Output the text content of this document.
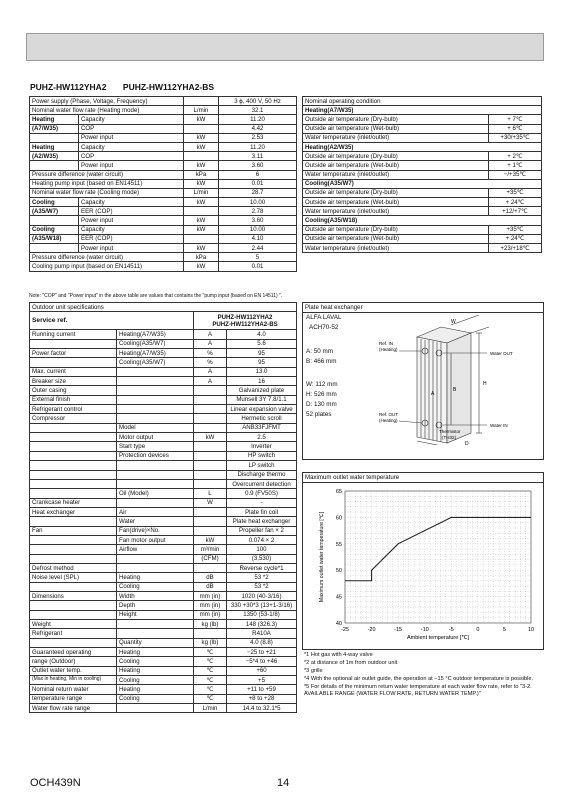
PUHZ-HW112YHA2 PUHZ-HW112YHA2-BS
Power supply (Phase, Voltage, Frequency)			3 ϕ, 400 V, 50 Hz
Nominal water flow rate (Heating mode)		L/min	32.1
Heating	Capacity	kW	11.20
(A7/W35)	COP		4.42
	Power input	kW	2.53
Heating	Capacity	kW	11.20
(A2/W35)	COP		3.11
	Power input	kW	3.60
Pressure difference (water circuit)		kPa	6
Heating pump input (based on EN14511)		kW	0.01
Nominal water flow rate (Cooling mode)		L/min	28.7
Cooling	Capacity	kW	10.00
(A35/W7)	EER (COP)		2.78
	Power input	kW	3.60
Cooling	Capacity	kW	10.00
(A35/W18)	EER (COP)		4.10
	Power input	kW	2.44
Pressure difference (water circuit)		kPa	5
Cooling pump input (based on EN14511)		kW	0.01
Nominal operating condition	
Heating(A7/W35)	
Outside air temperature (Dry-bulb)	+ 7℃
Outside air temperature (Wet-bulb)	+ 6℃
Water temperature (inlet/outlet)	+30/+35℃
Heating(A2/W35)	
Outside air temperature (Dry-bulb)	+ 2℃
Outside air temperature (Wet-bulb)	+ 1℃
Water temperature (inlet/outlet)	−/+35℃
Cooling(A35/W7)	
Outside air temperature (Dry-bulb)	+35℃
Outside air temperature (Wet-bulb)	+ 24℃
Water temperature (inlet/outlet)	+12/+7℃
Cooling(A35/W18)	
Outside air temperature (Dry-bulb)	+35℃
Outside air temperature (Wet-bulb)	+ 24℃
Water temperature (inlet/outlet)	+23/+18℃
Note: "COP" and "Power input" in the above table are values that contains the "pump input (based on EN 14511) ".
Outdoor unit specifications			
Service ref.		PUHZ-HW112YHA2
PUHZ-HW112YHA2-BS	

Running current	Heating(A7/W35)	A	4.0
	Cooling(A35/W7)	A	5.6
Power factor	Heating(A7/W35)	%	95
	Cooling(A35/W7)	%	95
Max. current		A	13.0
Breaker size		A	16
Outer casing			Galvanized plate
External finish			Munsell 3Y 7.8/1.1
Refrigerant control			Linear expansion valve
Compressor			Hermetic scroll
	Model		ANB33FJFMT
	Motor output	kW	2.5
	Start type		Inverter
	Protection devices		HP switch
			LP switch
			Discharge thermo
			Overcurrent detection
	Oil (Model)	L	0.9 (FV50S)
Crankcase heater		W	-
Heat exchanger	Air		Plate fin coil
	Water		Plate heat exchanger
Fan	Fan(drive)×No.		Propeller fan × 2
	Fan motor output	kW	0.074 × 2
	Airflow	m³/min	100
		(CFM)	(3,530)
Defrost method			Reverse cycle*1
Noise level (SPL)	Heating	dB	53 *2
	Cooling	dB	53 *2
Dimensions	Width	mm (in)	1020 (40-3/16)
	Depth	mm (in)	330 +30*3 (13+1-3/16)
	Height	mm (in)	1350 (53-1/8)
Weight		kg (lb)	148 (326.3)
Refrigerant			R410A
	Quantity	kg (lb)	4.0 (8.8)
Guaranteed operating	Heating	℃	−25 to +21
range (Outdoor)	Cooling	℃	−5*4 to +46
Outlet water temp.	Heating	℃	+60
(Max in heating, Min in cooling)	Cooling	℃	+5
Nominal return water	Heating	℃	+11 to +59
temperature range	Cooling	℃	+8 to +28
Water flow rate range		L/min	14.4 to 32.1*5
Plate heat exchanger
ALFA LAVAL
ACH70-52
A: 50 mm
B: 466 mm
W: 112 mm
H: 526 mm
D: 130 mm
52 plates
W
H
A
B
D
Ref. IN
(Heating)
Ref. OUT
(Heating)
Water OUT
Water IN
Thermistor
(TH32)
Maximum outlet water temperature
-25	-20	-15	-10	-5	0	5	10
40
45
50
55
60
65
Ambient temperature [℃]
Maximum outlet water temperature [℃]

*1 Hot gas with 4-way valve

*2 at distance of 1m from outdoor unit

*3 grille

*4 With the optional air outlet guide, the operation at −15 °C outdoor temperature is possible.

*5 For details of the minimum return water temperature at each water flow rate, refer to "3-2. AVAILABLE RANGE (WATER FLOW RATE, RETURN WATER TEMP.)"

OCH439N	14
